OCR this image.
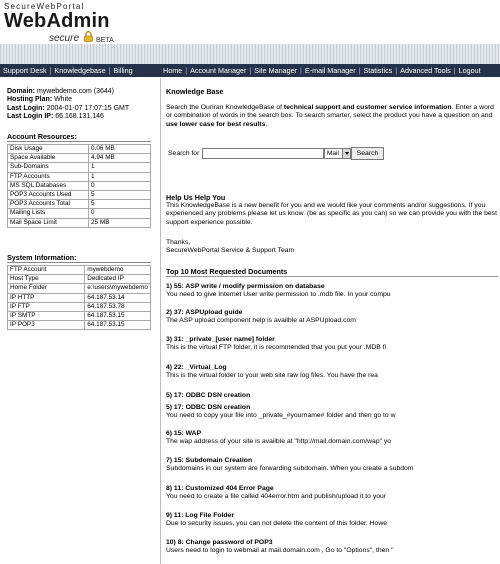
SecureWebPortal
WebAdmin
secure BETA
Support Desk | Knowledgebase | Billing	Home | Account Manager | Site Manager | E-mail Manager | Statistics | Advanced Tools | Logout
Domain: mywebdemo.com (3644)
Hosting Plan: White
Last Login: 2004-01-07 17:07:15 GMT
Last Login IP: 66.168.131.146
Account Resources:
Disk Usage	0.06 MB
Space Available	4.94 MB
Sub-Domains	1
FTP Accounts	1
MS SQL Databases	0
POP3 Accounts Used	5
POP3 Accounts Total	5
Mailing Lists	0
Mail Space Limit	25 MB
System Information:
FTP Account	mywebdemo
Host Type	Dedicated IP
Home Folder	e:\users\mywebdemo
IP HTTP	64.187.53.14
IP FTP	64.187.53.78
IP SMTP	64.187.53.15
IP POP3	64.187.53.15
Knowledge Base
Search the Ouriran KnowledgeBase of technical support and customer service information. Enter a word or combination of words in the search box. To search smarter, select the product you have a question on and use lower case for best results.
Search for	Mail	Search
Help Us Help You
This KnowledgeBase is a new benefit for you and we would like your comments and/or suggestions. If you experienced any problems please let us know. (be as specific as you can) so we can provide you with the best support experience possible.
Thanks,
SecureWebPortal Service & Support Team
Top 10 Most Requested Documents
1) 55: ASP write / modify permission on database
You need to give Internet User write permission to .mdb file. In your compu
2) 37: ASPUpload guide
The ASP upload component help is availble at ASPUpload.com
3) 31: _private_[user name] folder
This is the virtual FTP folder, it is recommended that you put your .MDB fi
4) 22: _Virtual_Log
This is the virtual folder to your web site raw log files. You have the rea
5) 17: ODBC DSN creation
5) 17: ODBC DSN creation
You need to copy your file into _private_#yourname# folder and then go to w
6) 15: WAP
The wap address of your site is availble at "http://mail.domain.com/wap" yo
7) 15: Subdomain Creation
Subdomains in our system are forwarding subdomain. When you create a subdom
8) 11: Customized 404 Error Page
You need to create a file called 404error.htm and publish/upload it to your
9) 11: Log File Folder
Due to security issues, you can not delete the content of this folder. Howe
10) 8: Change password of POP3
Users need to login to webmail at mail.domain.com , Go to "Options", then "
